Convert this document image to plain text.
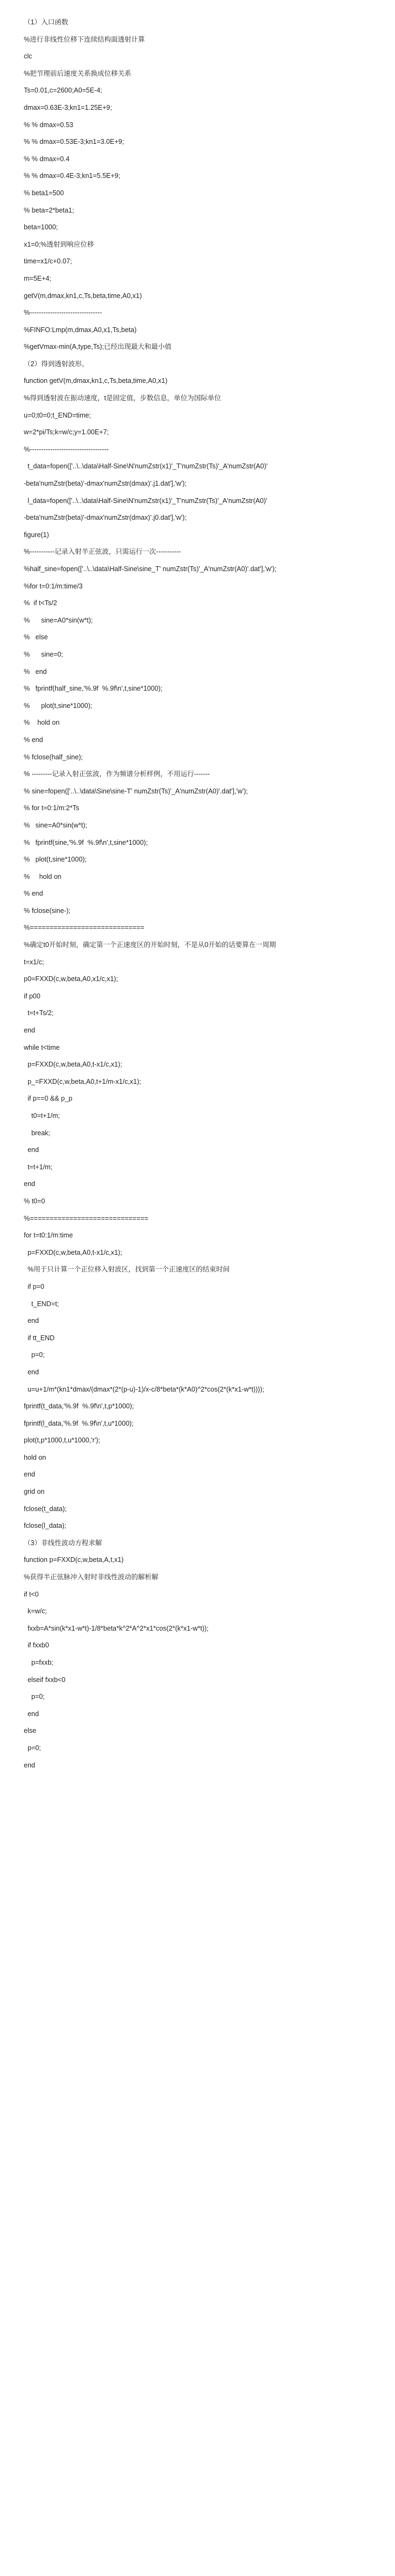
（1）入口函数
%进行非线性位移下连续结构面透射计算
clc
%把节理前后速度关系换成位移关系
Ts=0.01,c=2600;A0=5E-4;
dmax=0.63E-3;kn1=1.25E+9;
% % dmax=0.53
% % dmax=0.53E-3;kn1=3.0E+9;
% % dmax=0.4
% % dmax=0.4E-3;kn1=5.5E+9;
% beta1=500
% beta=2*beta1;
beta=1000;
x1=0;%透射到响应位移
time=x1/c+0.07;
m=5E+4;
getV(m,dmax,kn1,c,Ts,beta,time,A0,x1)
%--------------------------------
%FINFO:Lmp(m,dmax,A0,x1,Ts,beta)
%getVmax-min(A,type,Ts);已经出现最大和最小值
（2）得到透射波形。
function getV(m,dmax,kn1,c,Ts,beta,time,A0,x1)
%得到透射波在振动速度，t是固定值，步数信息，单位为国际单位
u=0;t0=0;t_END=time;
w=2*pi/Ts;k=w/c;y=1.00E+7;
%-----------------------------------
t_data=fopen(['..\..\data\Half-Sine\N'numZstr(x1)'_T'numZstr(Ts)'_A'numZstr(A0)'
-beta'numZstr(beta)'-dmax'numZstr(dmax)'.j1.dat'],'w');
l_data=fopen(['..\..\data\Half-Sine\N'numZstr(x1)'_T'numZstr(Ts)'_A'numZstr(A0)'
-beta'numZstr(beta)'-dmax'numZstr(dmax)'.j0.dat'],'w');
figure(1)
%-----------记录入射半正弦波，只需运行一次-----------
%half_sine=fopen(['..\..\data\Half-Sine\sine_T' numZstr(Ts)'_A'numZstr(A0)'.dat'],'w');
%for t=0:1/m:time/3
%  if t<Ts/2
%      sine=A0*sin(w*t);
%   else
%      sine=0;
%   end
%   fprintf(half_sine,'%.9f  %.9f\n',t,sine*1000);
%      plot(t,sine*1000);
%    hold on
% end
% fclose(half_sine);
% ---------记录入射正弦波，作为频谱分析样例，不用运行-------
% sine=fopen(['..\..\data\Sine\sine-T' numZstr(Ts)'_A'numZstr(A0)'.dat'],'w');
% for t=0:1/m:2*Ts
%   sine=A0*sin(w*t);
%   fprintf(sine,'%.9f  %.9f\n',t,sine*1000);
%   plot(t,sine*1000);
%     hold on
% end
% fclose(sine-);
%=============================
%确定t0开始时刻，确定第一个正速度区的开始时刻，不是从0开始的话要算在一周期
t=x1/c;
p0=FXXD(c,w,beta,A0,x1/c,x1);
if p00
t=t+Ts/2;
end
while t<time
p=FXXD(c,w,beta,A0,t-x1/c,x1);
p_=FXXD(c,w,beta,A0,t+1/m-x1/c,x1);
if p==0 && p_p
t0=t+1/m;
break;
end
t=t+1/m;
end
% t0=0
%==============================
for t=t0:1/m:time
p=FXXD(c,w,beta,A0,t-x1/c,x1);
%用于只计算一个正位移入射波区，找到第一个正速度区的结束时间
if p=0
t_END=t;
end
if tt_END
p=0;
end
u=u+1/m*(kn1*dmax/(dmax*(2*(p-u)-1)/x-c/8*beta*(k*A0)^2*cos(2*(k*x1-w*t))));
fprintf(t_data,'%.9f  %.9f\n',t,p*1000);
fprintf(l_data,'%.9f  %.9f\n',t,u*1000);
plot(t,p*1000,t,u*1000,'r');
hold on
end
grid on
fclose(t_data);
fclose(l_data);
（3）非线性波动方程求解
function p=FXXD(c,w,beta,A,t,x1)
%获得半正弦脉冲入射时非线性波动的解析解
if t<0
k=w/c;
fxxb=A*sin(k*x1-w*t)-1/8*beta*k^2*A^2*x1*cos(2*(k*x1-w*t));
if fxxb0
p=fxxb;
elseif fxxb<0
p=0;
end
else
p=0;
end
